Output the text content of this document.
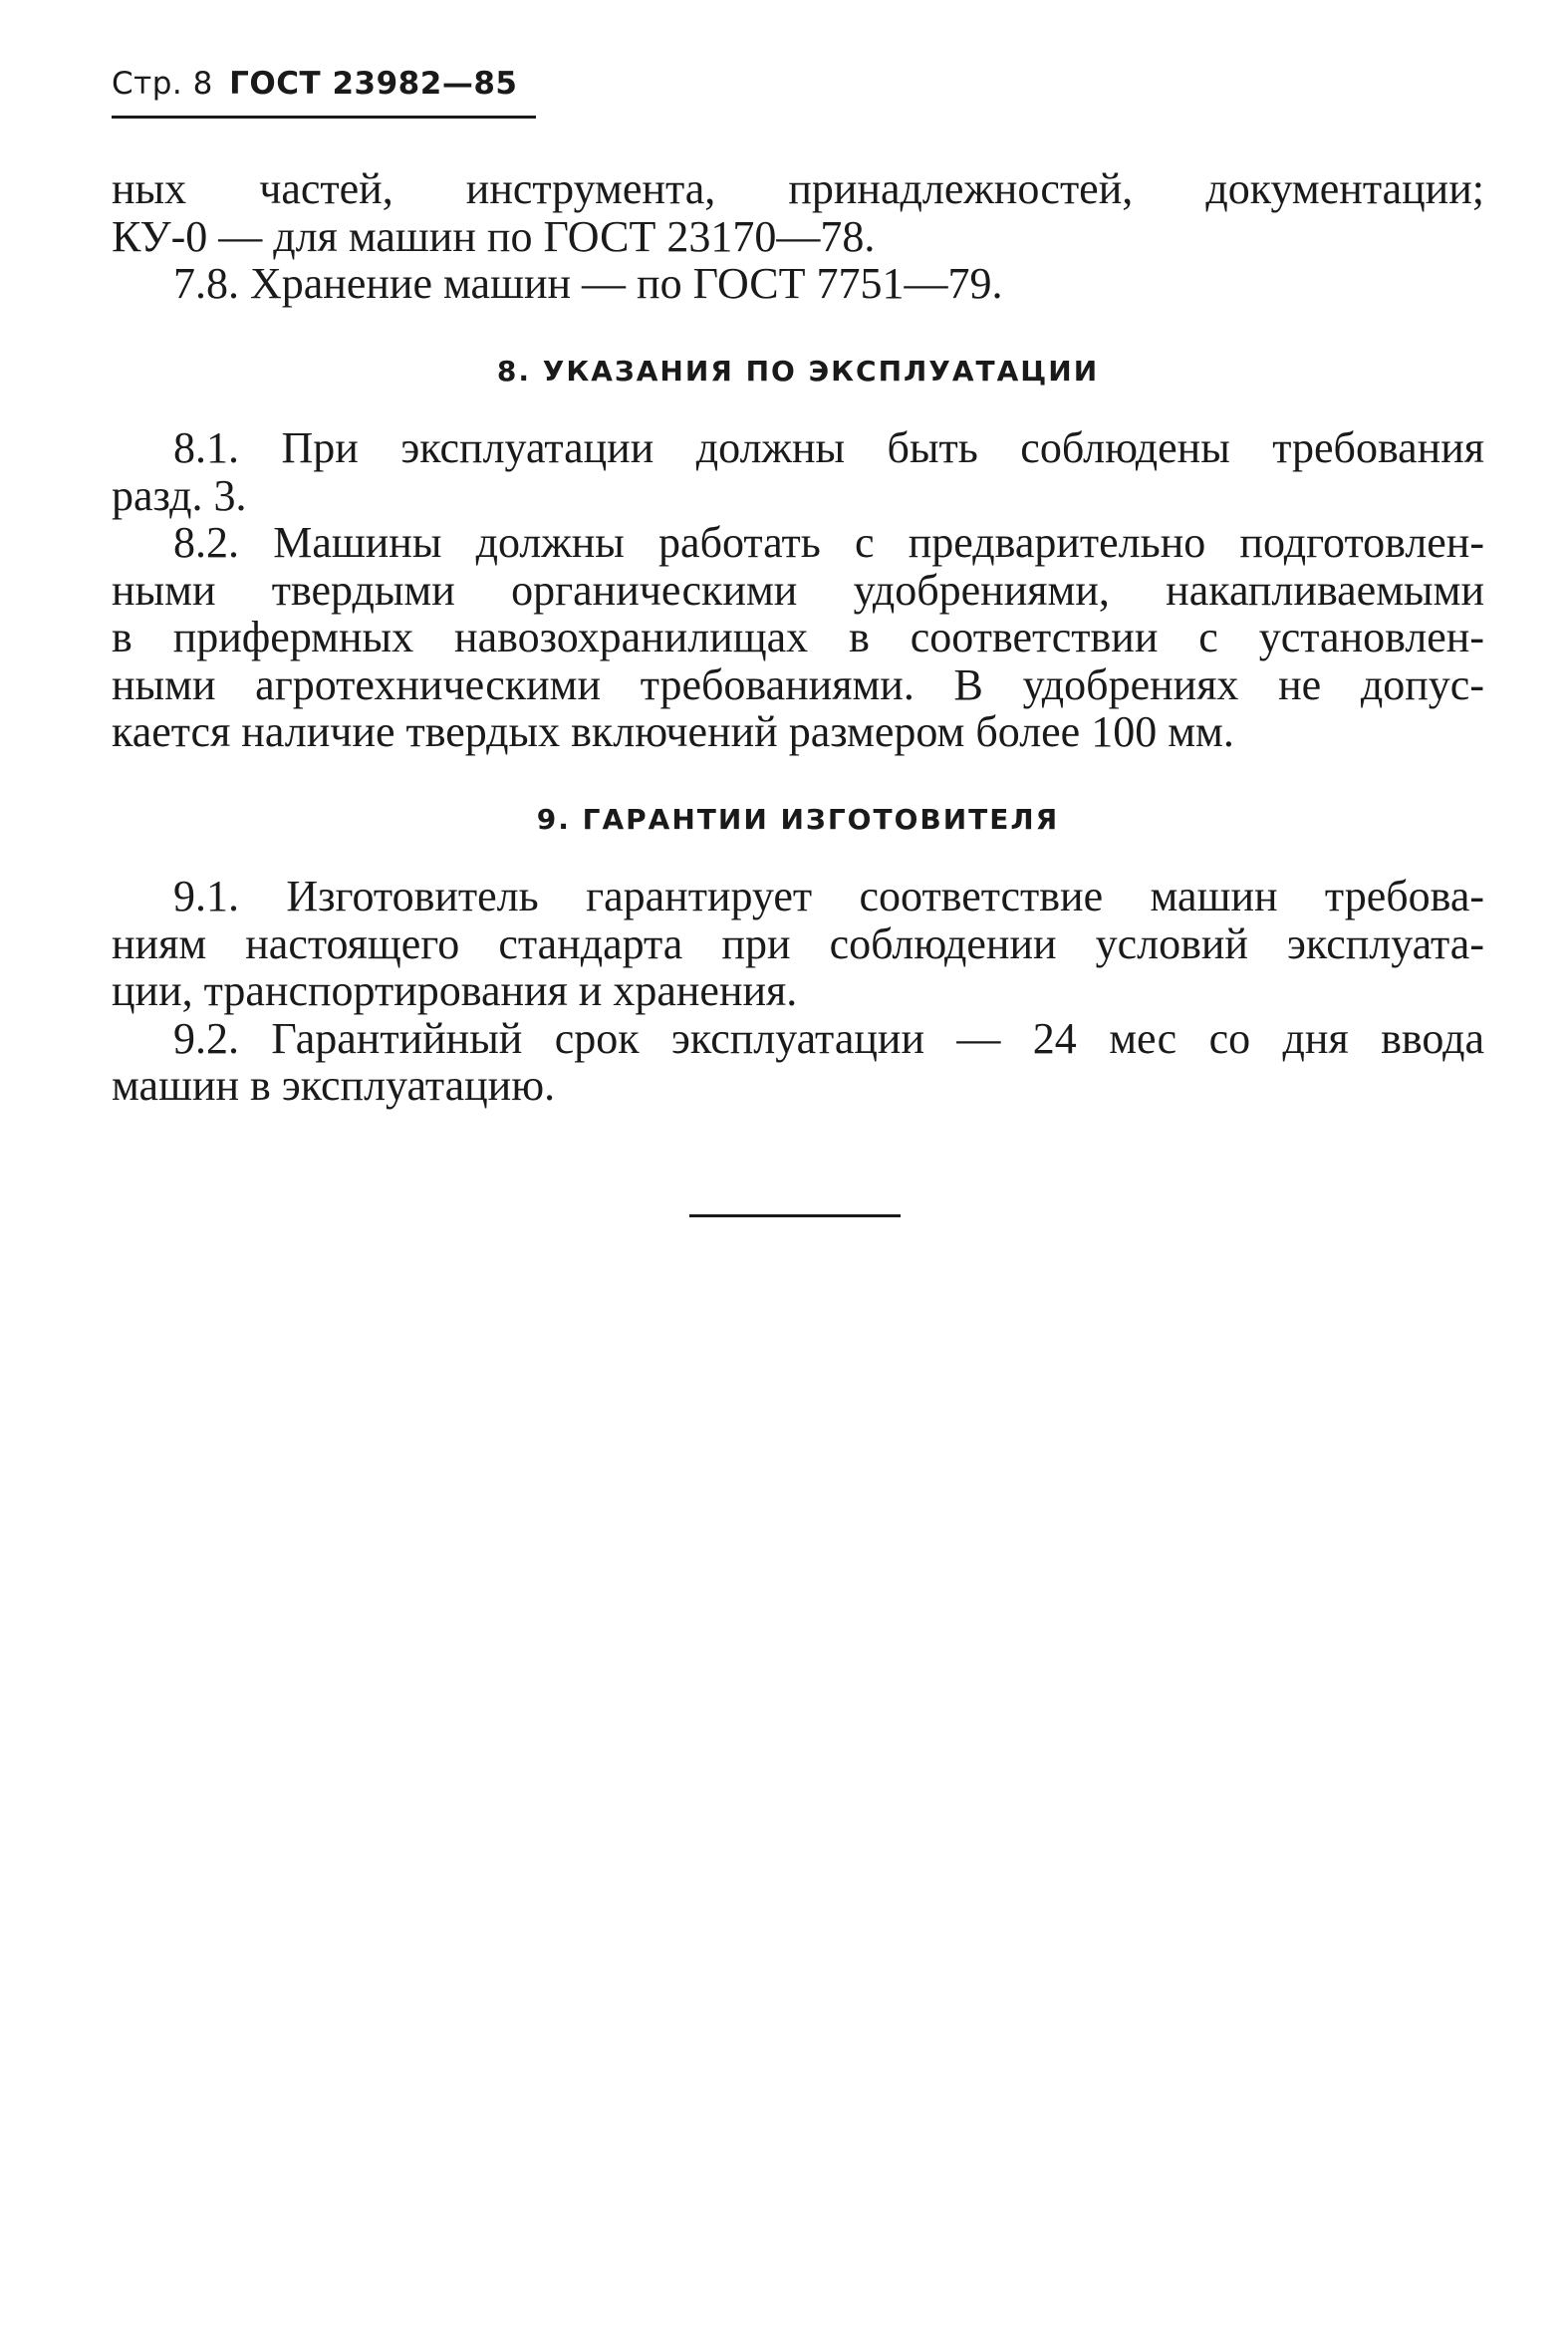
Стр. 8 ГОСТ 23982—85
ных частей, инструмента, принадлежностей, документации;
КУ-0 — для машин по ГОСТ 23170—78.
7.8. Хранение машин — по ГОСТ 7751—79.
8. УКАЗАНИЯ ПО ЭКСПЛУАТАЦИИ
8.1. При эксплуатации должны быть соблюдены требования
разд. 3.
8.2. Машины должны работать с предварительно подготовлен-
ными твердыми органическими удобрениями, накапливаемыми
в прифермных навозохранилищах в соответствии с установлен-
ными агротехническими требованиями. В удобрениях не допус-
кается наличие твердых включений размером более 100 мм.
9. ГАРАНТИИ ИЗГОТОВИТЕЛЯ
9.1. Изготовитель гарантирует соответствие машин требова-
ниям настоящего стандарта при соблюдении условий эксплуата-
ции, транспортирования и хранения.
9.2. Гарантийный срок эксплуатации — 24 мес со дня ввода
машин в эксплуатацию.
